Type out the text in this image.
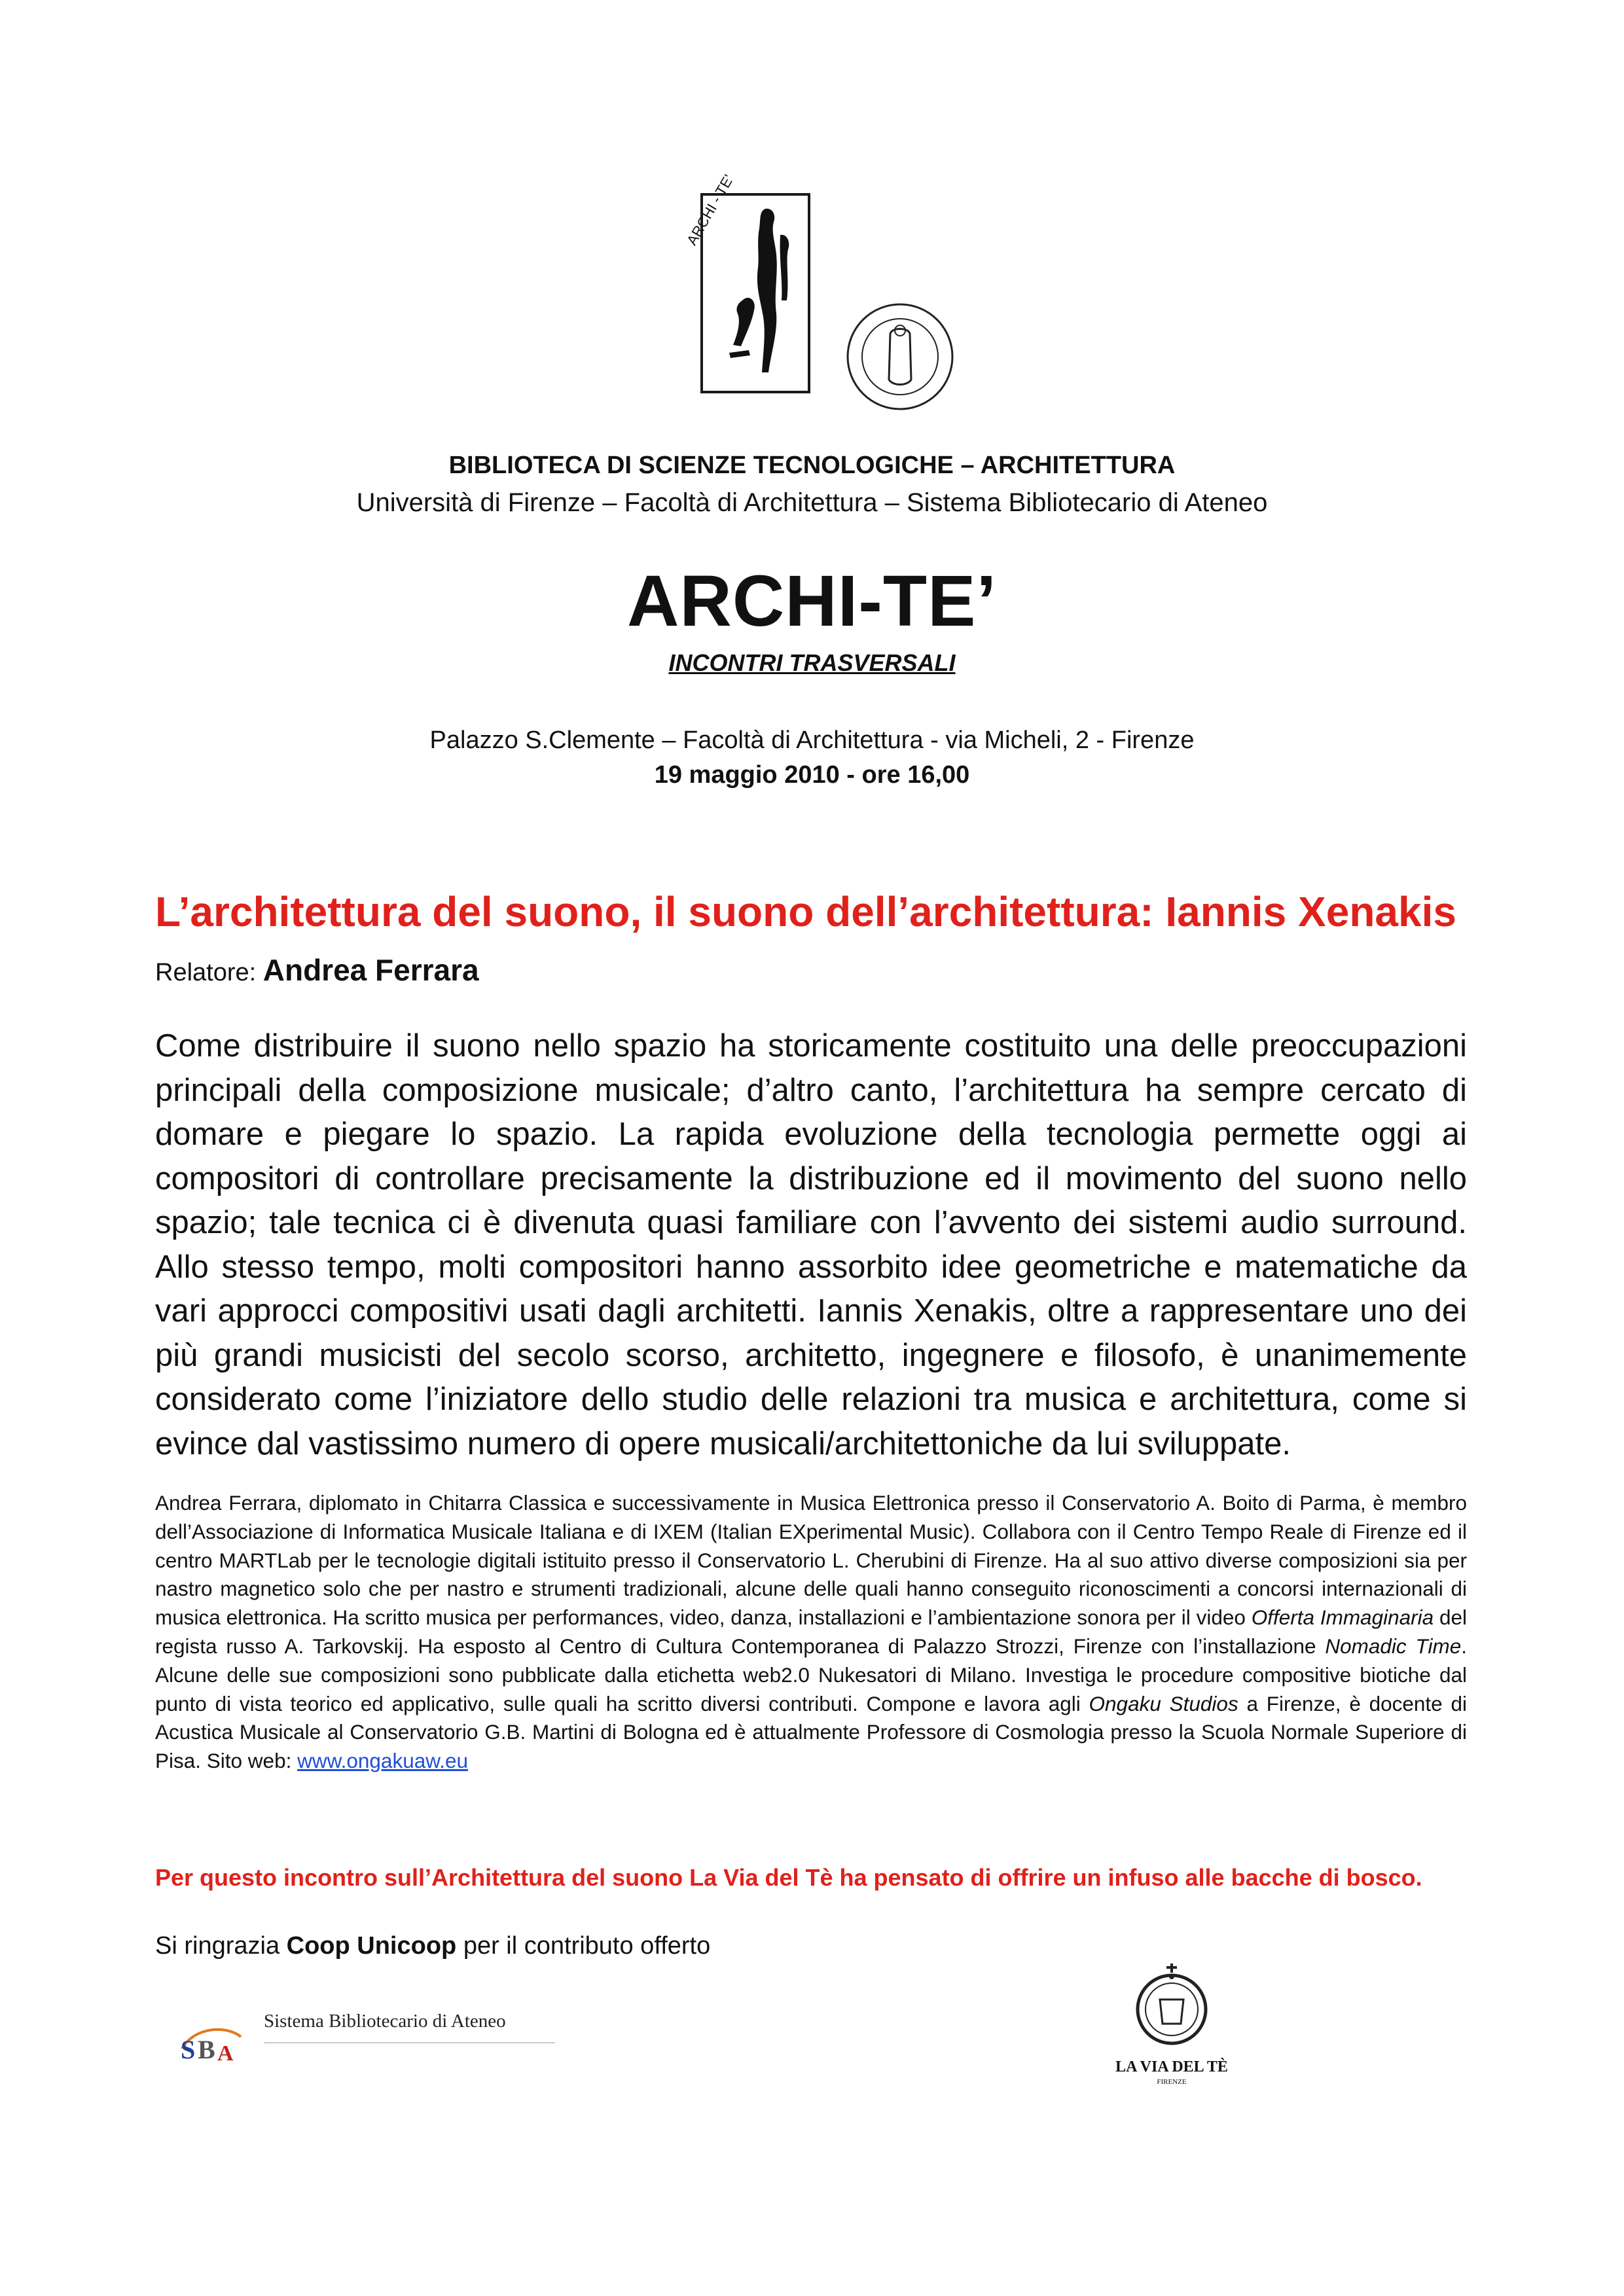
ARCHI - TE'
BIBLIOTECA DI SCIENZE TECNOLOGICHE – ARCHITETTURA
Università di Firenze – Facoltà di Architettura – Sistema Bibliotecario di Ateneo
ARCHI-TE’
INCONTRI TRASVERSALI
Palazzo S.Clemente – Facoltà di Architettura - via Micheli, 2 - Firenze
19 maggio 2010 - ore 16,00
L’architettura del suono, il suono dell’architettura: Iannis Xenakis
Relatore: Andrea Ferrara
Come distribuire il suono nello spazio ha storicamente costituito una delle preoccupazioni principali della composizione musicale; d’altro canto, l’architettura ha sempre cercato di domare e piegare lo spazio. La rapida evoluzione della tecnologia permette oggi ai compositori di controllare precisamente la distribuzione ed il movimento del suono nello spazio; tale tecnica ci è divenuta quasi familiare con l’avvento dei sistemi audio surround. Allo stesso tempo, molti compositori hanno assorbito idee geometriche e matematiche da vari approcci compositivi usati dagli architetti. Iannis Xenakis, oltre a rappresentare uno dei più grandi musicisti del secolo scorso, architetto, ingegnere e filosofo, è unanimemente considerato come l’iniziatore dello studio delle relazioni tra musica e architettura, come si evince dal vastissimo numero di opere musicali/architettoniche da lui sviluppate.
Andrea Ferrara, diplomato in Chitarra Classica e successivamente in Musica Elettronica presso il Conservatorio A. Boito di Parma, è membro dell’Associazione di Informatica Musicale Italiana e di IXEM (Italian EXperimental Music). Collabora con il Centro Tempo Reale di Firenze ed il centro MARTLab per le tecnologie digitali istituito presso il Conservatorio L. Cherubini di Firenze. Ha al suo attivo diverse composizioni sia per nastro magnetico solo che per nastro e strumenti tradizionali, alcune delle quali hanno conseguito riconoscimenti a concorsi internazionali di musica elettronica. Ha scritto musica per performances, video, danza, installazioni e l’ambientazione sonora per il video Offerta Immaginaria del regista russo A. Tarkovskij. Ha esposto al Centro di Cultura Contemporanea di Palazzo Strozzi, Firenze con l’installazione Nomadic Time. Alcune delle sue composizioni sono pubblicate dalla etichetta web2.0 Nukesatori di Milano. Investiga le procedure compositive biotiche dal punto di vista teorico ed applicativo, sulle quali ha scritto diversi contributi. Compone e lavora agli Ongaku Studios a Firenze, è docente di Acustica Musicale al Conservatorio G.B. Martini di Bologna ed è attualmente Professore di Cosmologia presso la Scuola Normale Superiore di Pisa. Sito web: www.ongakuaw.eu
Per questo incontro sull’Architettura del suono La Via del Tè ha pensato di offrire un infuso alle bacche di bosco.
Si ringrazia Coop Unicoop per il contributo offerto
S B A
Sistema Bibliotecario di Ateneo
LA VIA DEL TÈ
FIRENZE
